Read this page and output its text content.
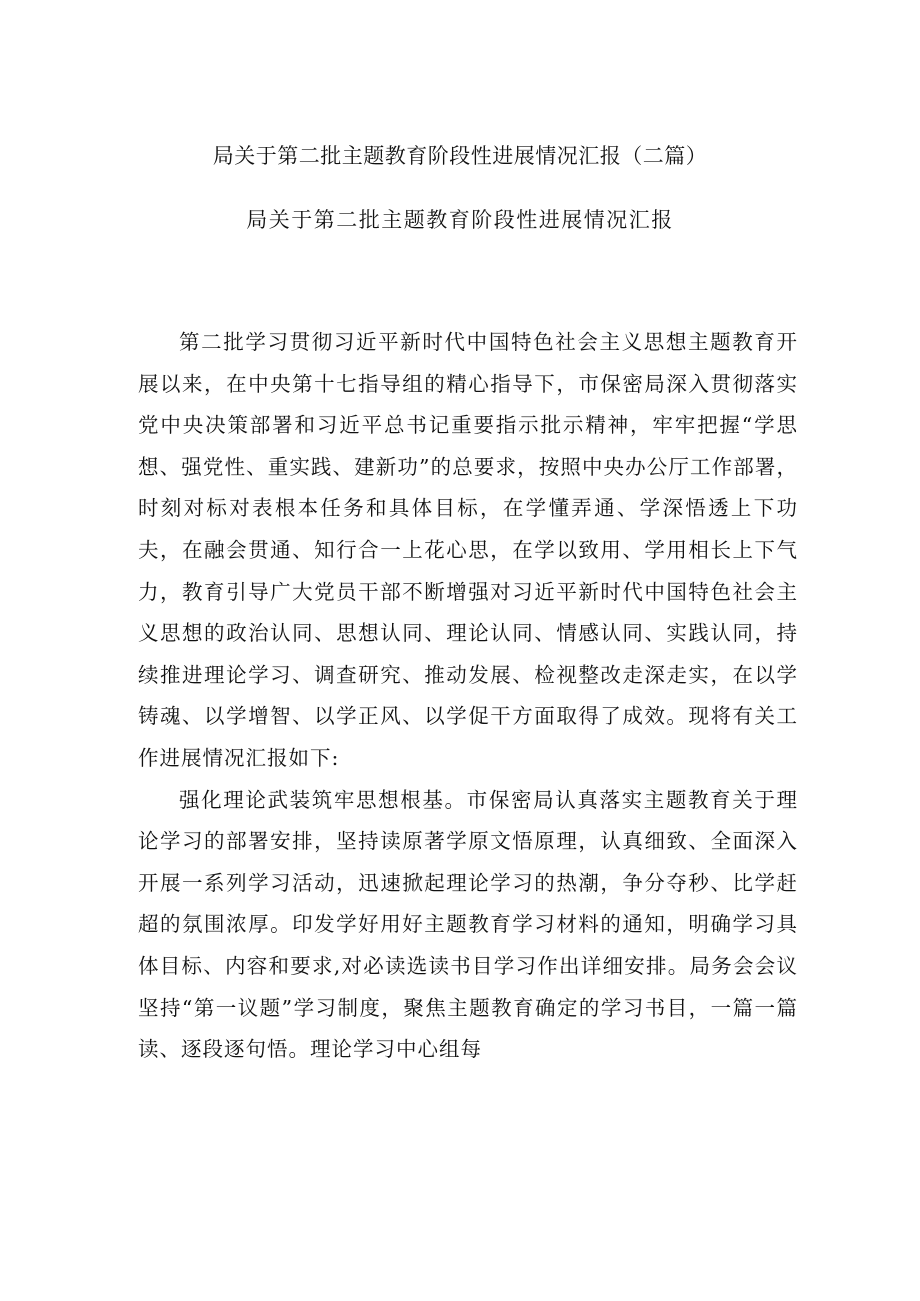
局关于第二批主题教育阶段性进展情况汇报（二篇）
局关于第二批主题教育阶段性进展情况汇报

第二批学习贯彻习近平新时代中国特色社会主义思想主题教育开展以来，在中央第十七指导组的精心指导下，市保密局深入贯彻落实党中央决策部署和习近平总书记重要指示批示精神，牢牢把握“学思想、强党性、重实践、建新功”的总要求，按照中央办公厅工作部署，时刻对标对表根本任务和具体目标，在学懂弄通、学深悟透上下功夫，在融会贯通、知行合一上花心思，在学以致用、学用相长上下气力，教育引导广大党员干部不断增强对习近平新时代中国特色社会主义思想的政治认同、思想认同、理论认同、情感认同、实践认同，持续推进理论学习、调查研究、推动发展、检视整改走深走实，在以学铸魂、以学增智、以学正风、以学促干方面取得了成效。现将有关工作进展情况汇报如下:

强化理论武装筑牢思想根基。市保密局认真落实主题教育关于理论学习的部署安排，坚持读原著学原文悟原理，认真细致、全面深入开展一系列学习活动，迅速掀起理论学习的热潮，争分夺秒、比学赶超的氛围浓厚。印发学好用好主题教育学习材料的通知，明确学习具体目标、内容和要求,对必读选读书目学习作出详细安排。局务会会议坚持“第一议题”学习制度，聚焦主题教育确定的学习书目，一篇一篇读、逐段逐句悟。理论学习中心组每
